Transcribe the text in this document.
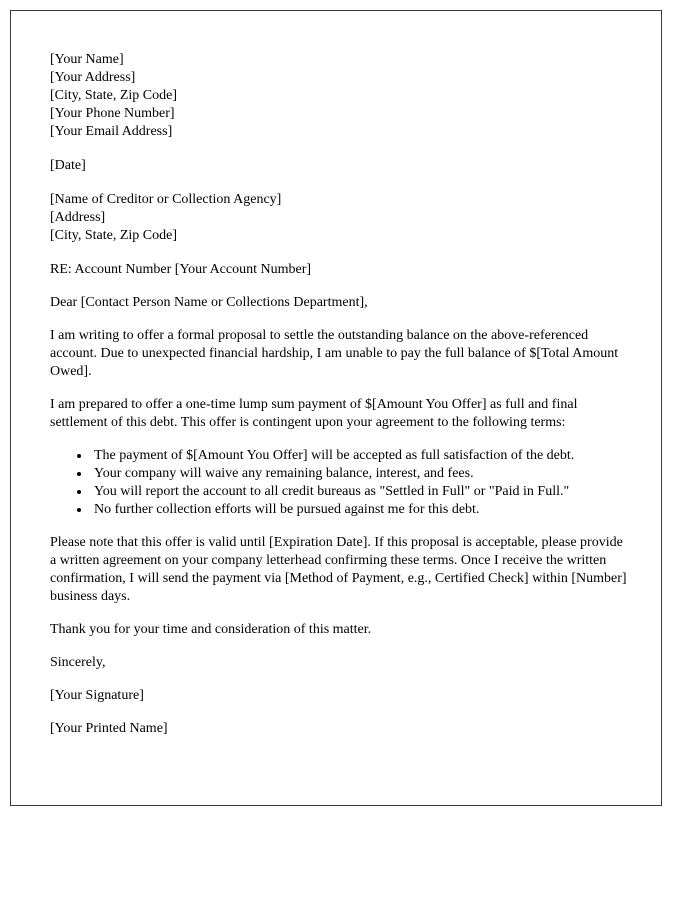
[Your Name]
[Your Address]
[City, State, Zip Code]
[Your Phone Number]
[Your Email Address]
[Date]
[Name of Creditor or Collection Agency]
[Address]
[City, State, Zip Code]

RE: Account Number [Your Account Number]

Dear [Contact Person Name or Collections Department],

I am writing to offer a formal proposal to settle the outstanding balance on the above-referenced account. Due to unexpected financial hardship, I am unable to pay the full balance of $[Total Amount Owed].

I am prepared to offer a one-time lump sum payment of $[Amount You Offer] as full and final settlement of this debt. This offer is contingent upon your agreement to the following terms:

• The payment of $[Amount You Offer] will be accepted as full satisfaction of the debt.
• Your company will waive any remaining balance, interest, and fees.
• You will report the account to all credit bureaus as "Settled in Full" or "Paid in Full."
• No further collection efforts will be pursued against me for this debt.

Please note that this offer is valid until [Expiration Date]. If this proposal is acceptable, please provide a written agreement on your company letterhead confirming these terms. Once I receive the written confirmation, I will send the payment via [Method of Payment, e.g., Certified Check] within [Number] business days.

Thank you for your time and consideration of this matter.

Sincerely,

[Your Signature]

[Your Printed Name]
